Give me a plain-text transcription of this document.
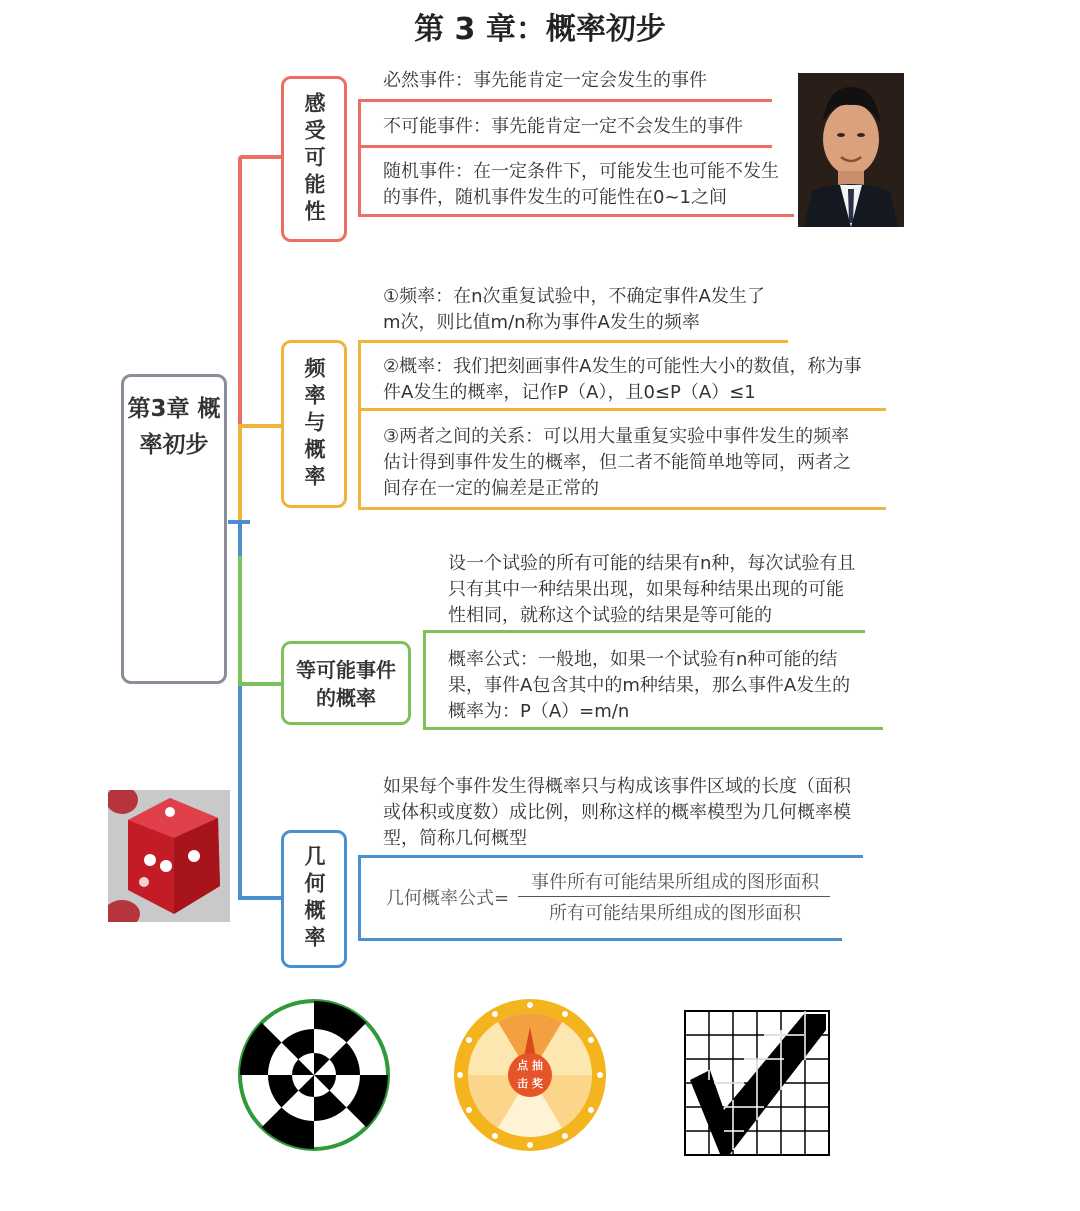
第 3 章：概率初步
第3章 概率初步
感受可能性
必然事件：事先能肯定一定会发生的事件
不可能事件：事先能肯定一定不会发生的事件
随机事件：在一定条件下，可能发生也可能不发生的事件，随机事件发生的可能性在0~1之间
频率与概率
①频率：在n次重复试验中，不确定事件A发生了m次，则比值m/n称为事件A发生的频率
②概率：我们把刻画事件A发生的可能性大小的数值，称为事件A发生的概率，记作P（A），且0≤P（A）≤1
③两者之间的关系：可以用大量重复实验中事件发生的频率估计得到事件发生的概率，但二者不能简单地等同，两者之间存在一定的偏差是正常的
等可能事件的概率
设一个试验的所有可能的结果有n种，每次试验有且只有其中一种结果出现，如果每种结果出现的可能性相同，就称这个试验的结果是等可能的
概率公式：一般地，如果一个试验有n种可能的结果，事件A包含其中的m种结果，那么事件A发生的概率为：P（A）=m/n
几何概率
如果每个事件发生得概率只与构成该事件区域的长度（面积或体积或度数）成比例，则称这样的概率模型为几何概率模型，简称几何概型
几何概率公式=
事件所有可能结果所组成的图形面积
所有可能结果所组成的图形面积
点 抽
击 奖
